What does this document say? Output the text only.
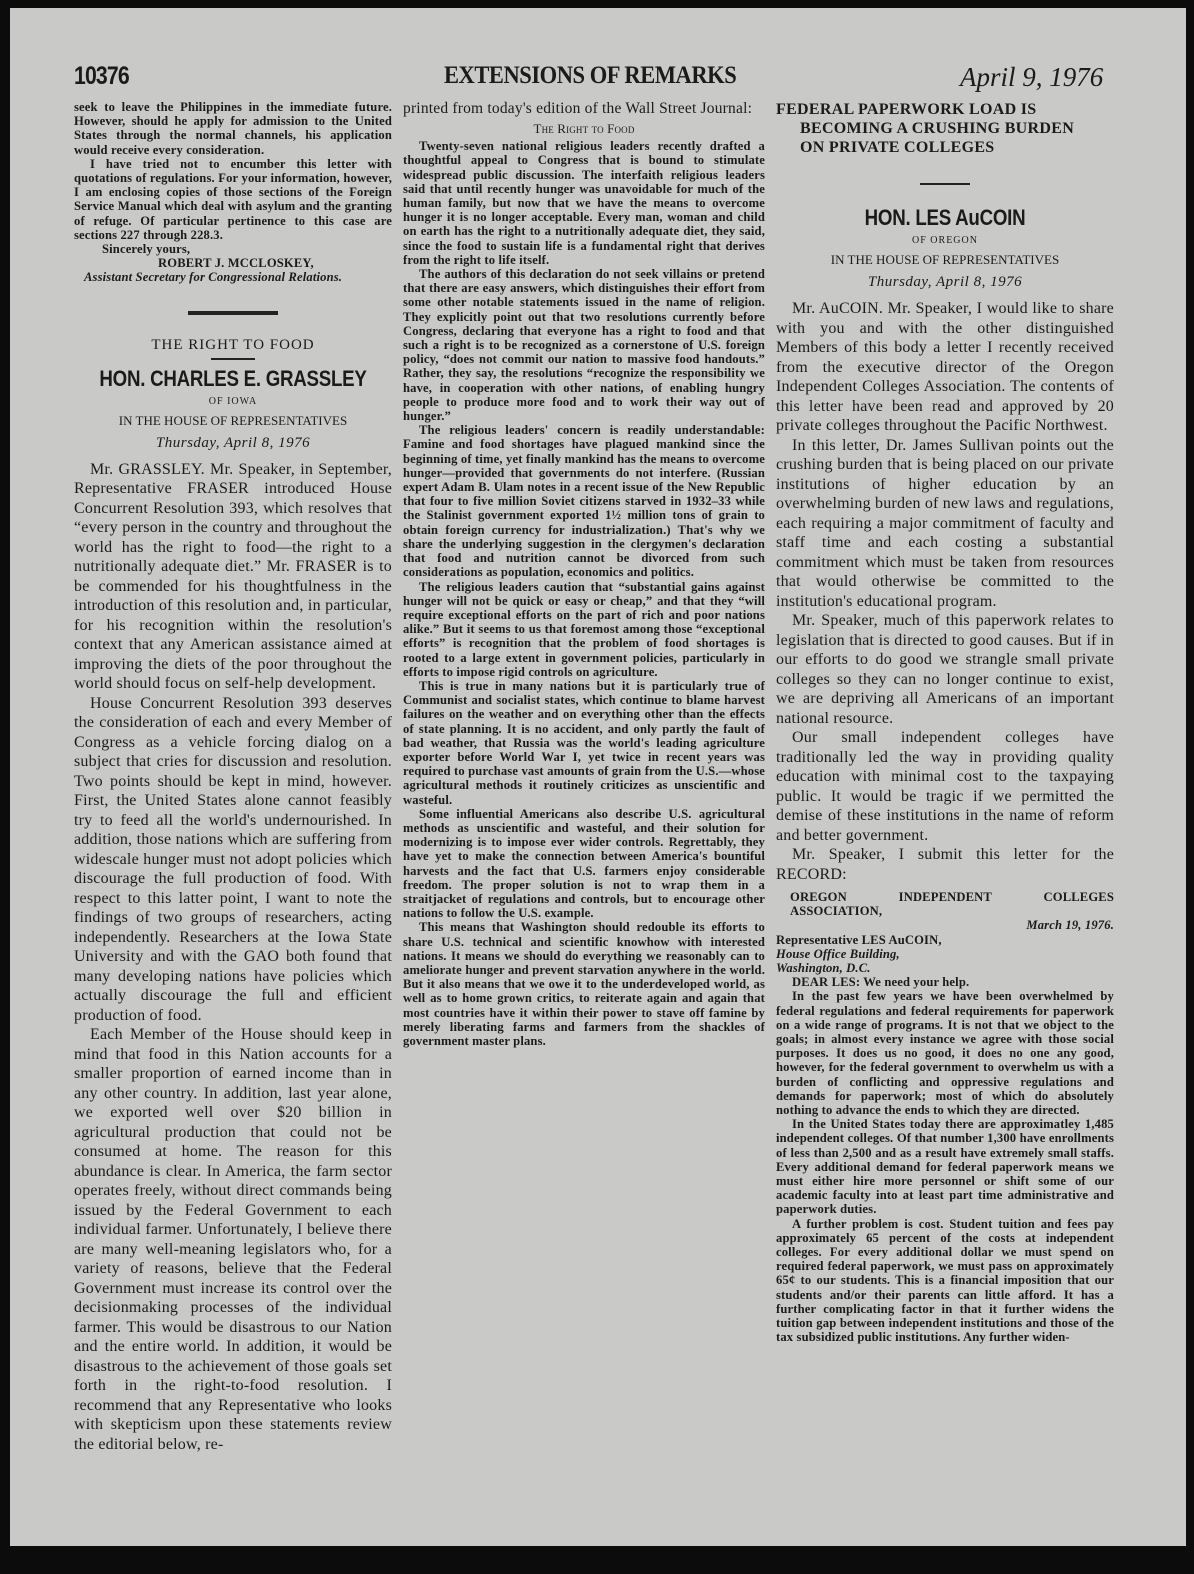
10376	EXTENSIONS OF REMARKS	April 9, 1976

seek to leave the Philippines in the immediate future. However, should he apply for admission to the United States through the normal channels, his application would receive every consideration.

I have tried not to encumber this letter with quotations of regulations. For your information, however, I am enclosing copies of those sections of the Foreign Service Manual which deal with asylum and the granting of refuge. Of particular pertinence to this case are sections 227 through 228.3.

Sincerely yours,

ROBERT J. MCCLOSKEY,

Assistant Secretary for Congressional Relations.

THE RIGHT TO FOOD

HON. CHARLES E. GRASSLEY
OF IOWA
IN THE HOUSE OF REPRESENTATIVES
Thursday, April 8, 1976

Mr. GRASSLEY. Mr. Speaker, in September, Representative FRASER introduced House Concurrent Resolution 393, which resolves that “every person in the country and throughout the world has the right to food—the right to a nutritionally adequate diet.” Mr. FRASER is to be commended for his thoughtfulness in the introduction of this resolution and, in particular, for his recognition within the resolution's context that any American assistance aimed at improving the diets of the poor throughout the world should focus on self-help development.

House Concurrent Resolution 393 deserves the consideration of each and every Member of Congress as a vehicle forcing dialog on a subject that cries for discussion and resolution. Two points should be kept in mind, however. First, the United States alone cannot feasibly try to feed all the world's undernourished. In addition, those nations which are suffering from widescale hunger must not adopt policies which discourage the full production of food. With respect to this latter point, I want to note the findings of two groups of researchers, acting independently. Researchers at the Iowa State University and with the GAO both found that many developing nations have policies which actually discourage the full and efficient production of food.

Each Member of the House should keep in mind that food in this Nation accounts for a smaller proportion of earned income than in any other country. In addition, last year alone, we exported well over $20 billion in agricultural production that could not be consumed at home. The reason for this abundance is clear. In America, the farm sector operates freely, without direct commands being issued by the Federal Government to each individual farmer. Unfortunately, I believe there are many well-meaning legislators who, for a variety of reasons, believe that the Federal Government must increase its control over the decisionmaking processes of the individual farmer. This would be disastrous to our Nation and the entire world. In addition, it would be disastrous to the achievement of those goals set forth in the right-to-food resolution. I recommend that any Representative who looks with skepticism upon these statements review the editorial below, re-

printed from today's edition of the Wall Street Journal:

The Right to Food

Twenty-seven national religious leaders recently drafted a thoughtful appeal to Congress that is bound to stimulate widespread public discussion. The interfaith religious leaders said that until recently hunger was unavoidable for much of the human family, but now that we have the means to overcome hunger it is no longer acceptable. Every man, woman and child on earth has the right to a nutritionally adequate diet, they said, since the food to sustain life is a fundamental right that derives from the right to life itself.

The authors of this declaration do not seek villains or pretend that there are easy answers, which distinguishes their effort from some other notable statements issued in the name of religion. They explicitly point out that two resolutions currently before Congress, declaring that everyone has a right to food and that such a right is to be recognized as a cornerstone of U.S. foreign policy, “does not commit our nation to massive food handouts.” Rather, they say, the resolutions “recognize the responsibility we have, in cooperation with other nations, of enabling hungry people to produce more food and to work their way out of hunger.”

The religious leaders' concern is readily understandable: Famine and food shortages have plagued mankind since the beginning of time, yet finally mankind has the means to overcome hunger—provided that governments do not interfere. (Russian expert Adam B. Ulam notes in a recent issue of the New Republic that four to five million Soviet citizens starved in 1932–33 while the Stalinist government exported 1½ million tons of grain to obtain foreign currency for industrialization.) That's why we share the underlying suggestion in the clergymen's declaration that food and nutrition cannot be divorced from such considerations as population, economics and politics.

The religious leaders caution that “substantial gains against hunger will not be quick or easy or cheap,” and that they “will require exceptional efforts on the part of rich and poor nations alike.” But it seems to us that foremost among those “exceptional efforts” is recognition that the problem of food shortages is rooted to a large extent in government policies, particularly in efforts to impose rigid controls on agriculture.

This is true in many nations but it is particularly true of Communist and socialist states, which continue to blame harvest failures on the weather and on everything other than the effects of state planning. It is no accident, and only partly the fault of bad weather, that Russia was the world's leading agriculture exporter before World War I, yet twice in recent years was required to purchase vast amounts of grain from the U.S.—whose agricultural methods it routinely criticizes as unscientific and wasteful.

Some influential Americans also describe U.S. agricultural methods as unscientific and wasteful, and their solution for modernizing is to impose ever wider controls. Regrettably, they have yet to make the connection between America's bountiful harvests and the fact that U.S. farmers enjoy considerable freedom. The proper solution is not to wrap them in a straitjacket of regulations and controls, but to encourage other nations to follow the U.S. example.

This means that Washington should redouble its efforts to share U.S. technical and scientific knowhow with interested nations. It means we should do everything we reasonably can to ameliorate hunger and prevent starvation anywhere in the world. But it also means that we owe it to the underdeveloped world, as well as to home grown critics, to reiterate again and again that most countries have it within their power to stave off famine by merely liberating farms and farmers from the shackles of government master plans.

FEDERAL PAPERWORK LOAD IS
BECOMING A CRUSHING BURDEN
ON PRIVATE COLLEGES
HON. LES AuCOIN
OF OREGON
IN THE HOUSE OF REPRESENTATIVES
Thursday, April 8, 1976

Mr. AuCOIN. Mr. Speaker, I would like to share with you and with the other distinguished Members of this body a letter I recently received from the executive director of the Oregon Independent Colleges Association. The contents of this letter have been read and approved by 20 private colleges throughout the Pacific Northwest.

In this letter, Dr. James Sullivan points out the crushing burden that is being placed on our private institutions of higher education by an overwhelming burden of new laws and regulations, each requiring a major commitment of faculty and staff time and each costing a substantial commitment which must be taken from resources that would otherwise be committed to the institution's educational program.

Mr. Speaker, much of this paperwork relates to legislation that is directed to good causes. But if in our efforts to do good we strangle small private colleges so they can no longer continue to exist, we are depriving all Americans of an important national resource.

Our small independent colleges have traditionally led the way in providing quality education with minimal cost to the taxpaying public. It would be tragic if we permitted the demise of these institutions in the name of reform and better government.

Mr. Speaker, I submit this letter for the RECORD:

OREGON INDEPENDENT COLLEGES ASSOCIATION,

March 19, 1976.

Representative LES AuCOIN,

House Office Building,

Washington, D.C.

DEAR LES: We need your help.

In the past few years we have been overwhelmed by federal regulations and federal requirements for paperwork on a wide range of programs. It is not that we object to the goals; in almost every instance we agree with those social purposes. It does us no good, it does no one any good, however, for the federal government to overwhelm us with a burden of conflicting and oppressive regulations and demands for paperwork; most of which do absolutely nothing to advance the ends to which they are directed.

In the United States today there are approximatley 1,485 independent colleges. Of that number 1,300 have enrollments of less than 2,500 and as a result have extremely small staffs. Every additional demand for federal paperwork means we must either hire more personnel or shift some of our academic faculty into at least part time administrative and paperwork duties.

A further problem is cost. Student tuition and fees pay approximately 65 percent of the costs at independent colleges. For every additional dollar we must spend on required federal paperwork, we must pass on approximately 65¢ to our students. This is a financial imposition that our students and/or their parents can little afford. It has a further complicating factor in that it further widens the tuition gap between independent institutions and those of the tax subsidized public institutions. Any further widen-
